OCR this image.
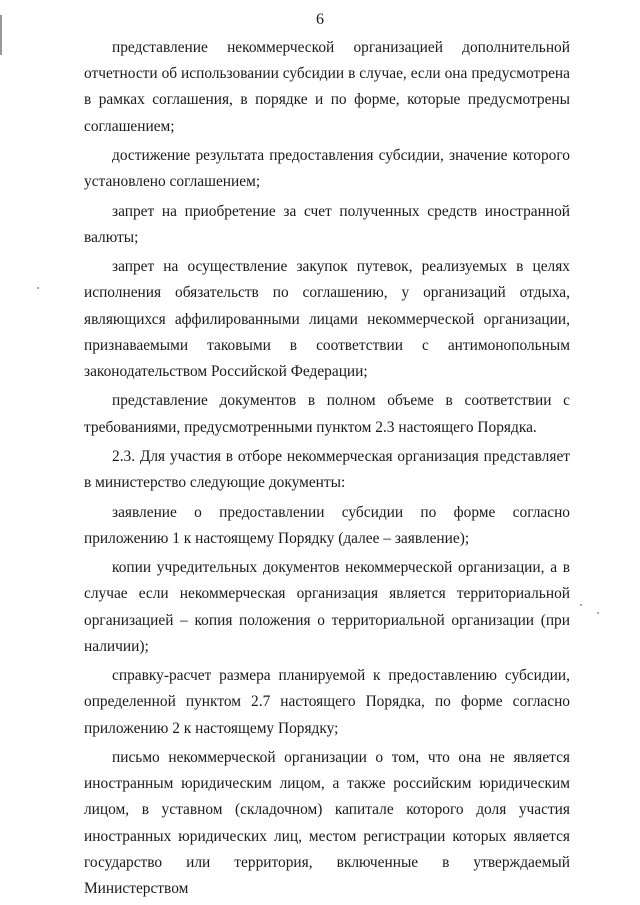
6

представление некоммерческой организацией дополнительной отчетности об использовании субсидии в случае, если она предусмотрена в рамках соглашения, в порядке и по форме, которые предусмотрены соглашением;

достижение результата предоставления субсидии, значение которого установлено соглашением;

запрет на приобретение за счет полученных средств иностранной валюты;

запрет на осуществление закупок путевок, реализуемых в целях исполнения обязательств по соглашению, у организаций отдыха, являющихся аффилированными лицами некоммерческой организации, признаваемыми таковыми в соответствии с антимонопольным законодательством Российской Федерации;

представление документов в полном объеме в соответствии с требованиями, предусмотренными пунктом 2.3 настоящего Порядка.

2.3. Для участия в отборе некоммерческая организация представляет в министерство следующие документы:

заявление о предоставлении субсидии по форме согласно приложению 1 к настоящему Порядку (далее – заявление);

копии учредительных документов некоммерческой организации, а в случае если некоммерческая организация является территориальной организацией – копия положения о территориальной организации (при наличии);

справку-расчет размера планируемой к предоставлению субсидии, определенной пунктом 2.7 настоящего Порядка, по форме согласно приложению 2 к настоящему Порядку;

письмо некоммерческой организации о том, что она не является иностранным юридическим лицом, а также российским юридическим лицом, в уставном (складочном) капитале которого доля участия иностранных юридических лиц, местом регистрации которых является государство или территория, включенные в утверждаемый Министерством
